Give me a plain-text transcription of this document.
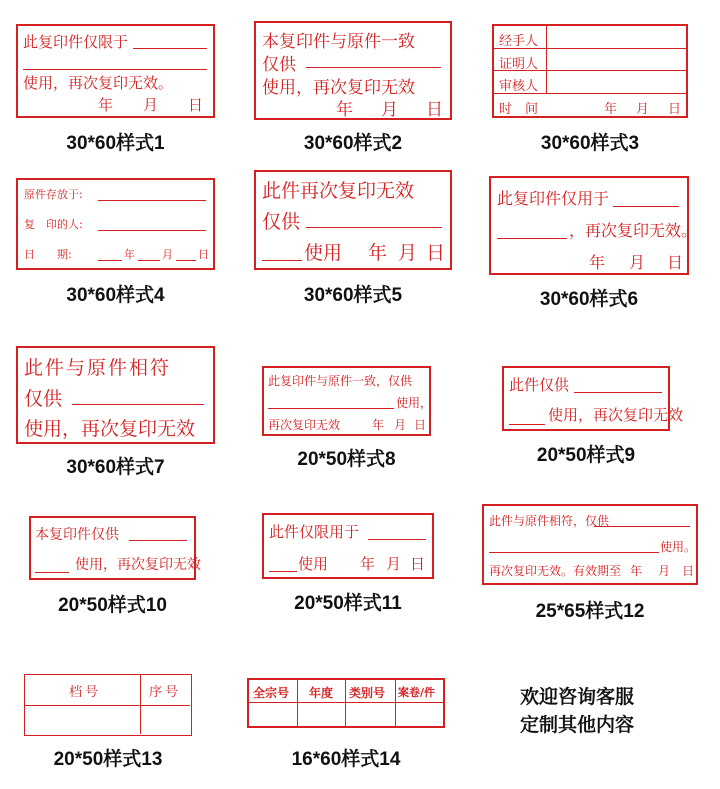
此复印件仅限于
使用，再次复印无效。
年 月 日
30*60样式1
本复印件与原件一致
仅供
使用，再次复印无效
年 月 日
30*60样式2
经手人
证明人
审核人
时　间	年 月 日
30*60样式3
原件存放于:
复　印的人:
日　　期:	年 月 日
30*60样式4
此件再次复印无效
仅供
使用 年 月 日
30*60样式5
此复印件仅用于
，再次复印无效。
年 月 日
30*60样式6
此件与原件相符
仅供
使用，再次复印无效
30*60样式7
此复印件与原件一致，仅供
使用，
再次复印无效	年 月 日
20*50样式8
此件仅供
使用，再次复印无效
20*50样式9
本复印件仅供
使用，再次复印无效
20*50样式10
此件仅限用于
使用 年 月 日
20*50样式11
此件与原件相符，仅供
使用。
再次复印无效。有效期至 年 月 日
25*65样式12
档号	序号
20*50样式13
全宗号 年度 类别号 案卷/件
16*60样式14
欢迎咨询客服
定制其他内容
